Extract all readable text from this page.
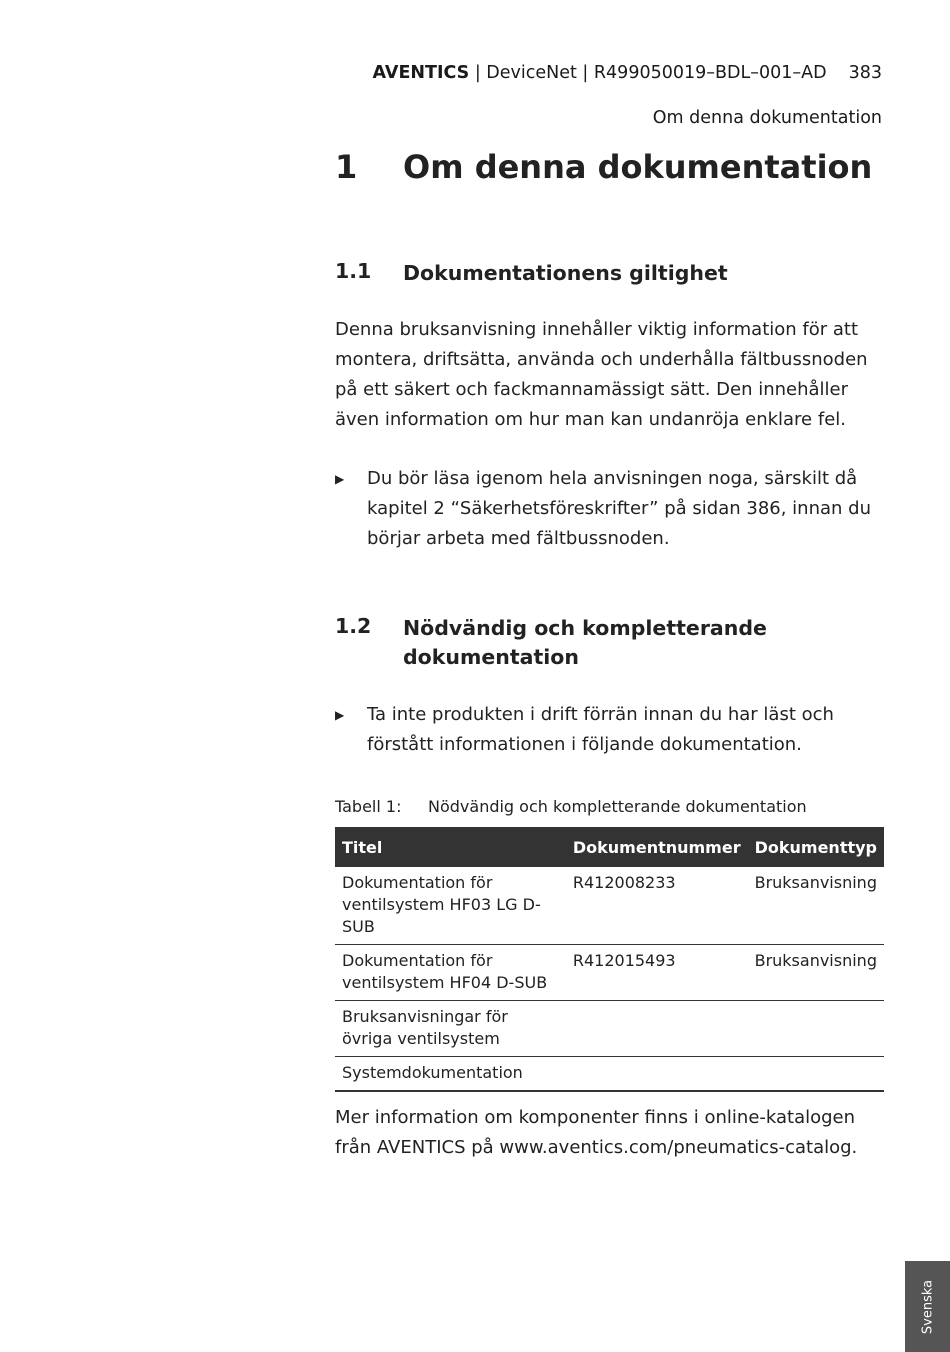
AVENTICS | DeviceNet | R499050019–BDL–001–AD 383
Om denna dokumentation
1 Om denna dokumentation
1.1 Dokumentationens giltighet
Denna bruksanvisning innehåller viktig information för att montera, driftsätta, använda och underhålla fältbussnoden på ett säkert och fackmannamässigt sätt. Den innehåller även information om hur man kan undanröja enklare fel.
▶ Du bör läsa igenom hela anvisningen noga, särskilt då kapitel 2 “Säkerhetsföreskrifter” på sidan 386, innan du börjar arbeta med fältbussnoden.
1.2 Nödvändig och kompletterande dokumentation
▶ Ta inte produkten i drift förrän innan du har läst och förstått informationen i följande dokumentation.
Tabell 1: Nödvändig och kompletterande dokumentation
Titel	Dokumentnummer	Dokumenttyp
Dokumentation för ventilsystem HF03 LG D-SUB	R412008233	Bruksanvisning
Dokumentation för ventilsystem HF04 D-SUB	R412015493	Bruksanvisning
Bruksanvisningar för övriga ventilsystem		
Systemdokumentation		
Mer information om komponenter finns i online-katalogen från AVENTICS på www.aventics.com/pneumatics-catalog.
Svenska
